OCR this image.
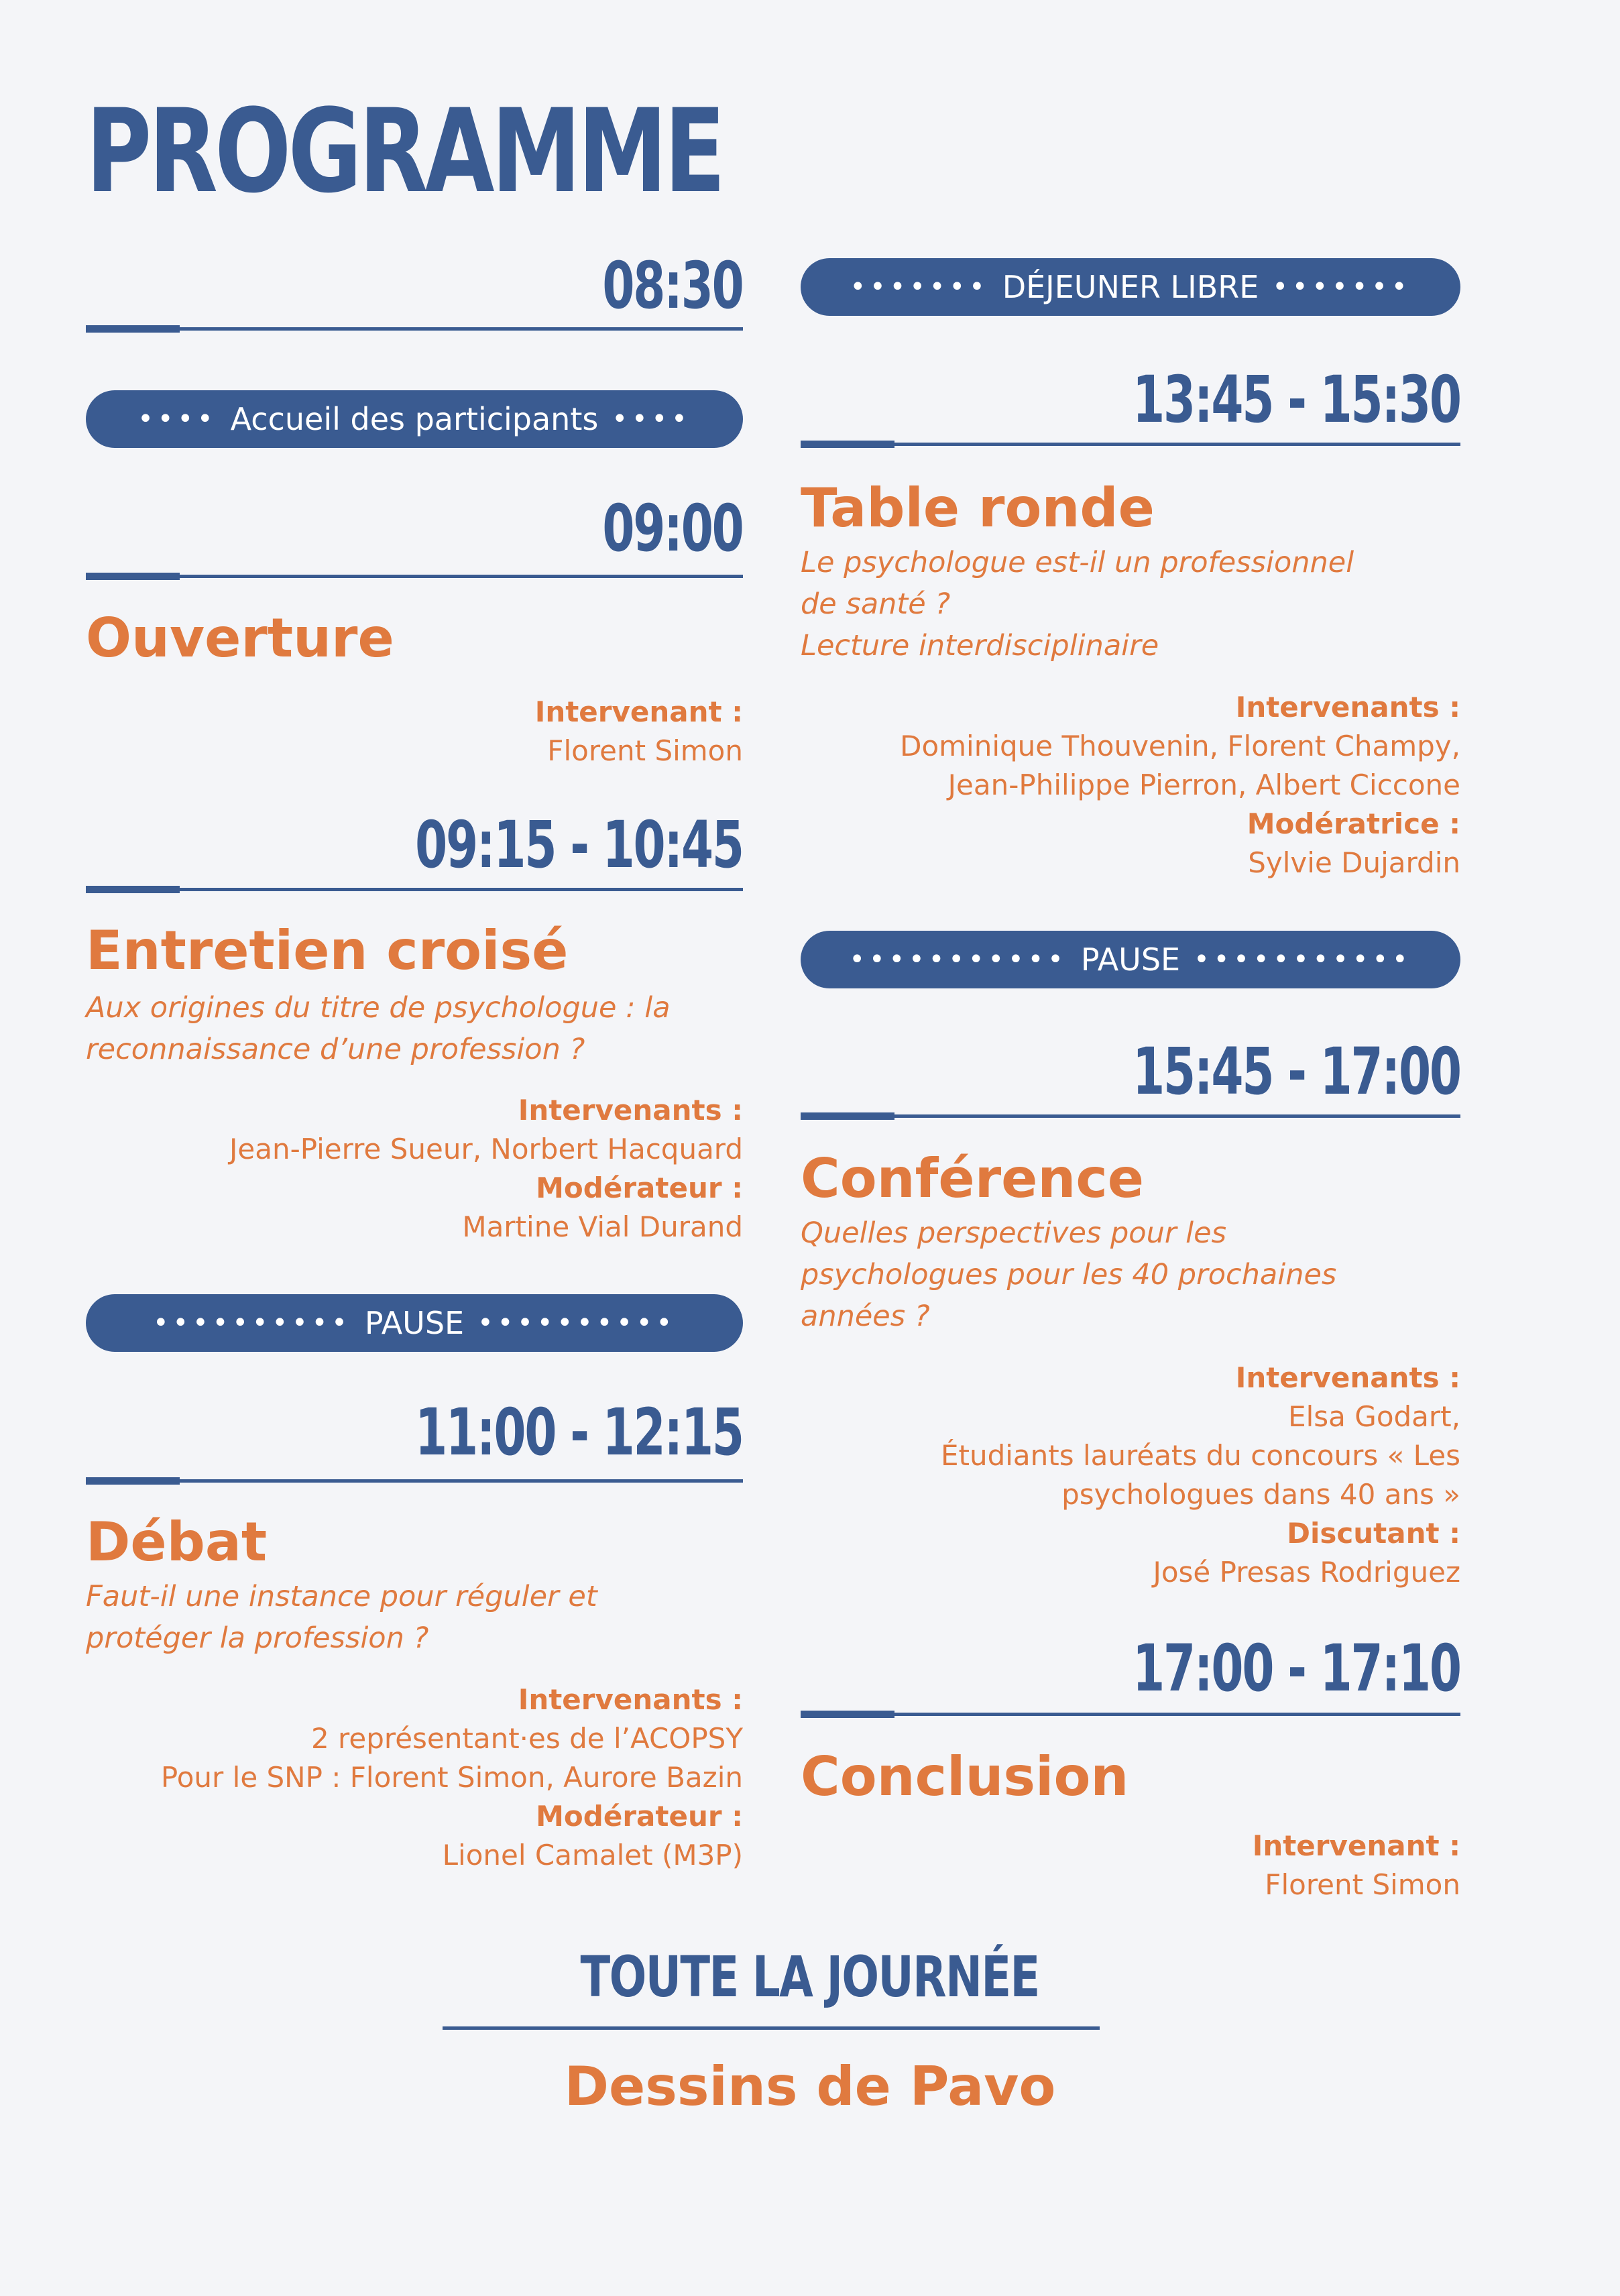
PROGRAMME
08:30
•••• Accueil des participants ••••
09:00
Ouverture
Intervenant :
Florent Simon
09:15 - 10:45
Entretien croisé
Aux origines du titre de psychologue : la
reconnaissance d’une profession ?
Intervenants :
Jean-Pierre Sueur, Norbert Hacquard
Modérateur :
Martine Vial Durand
•••••••••• PAUSE ••••••••••
11:00 - 12:15
Débat
Faut-il une instance pour réguler et
protéger la profession ?
Intervenants :
2 représentant·es de l’ACOPSY
Pour le SNP : Florent Simon, Aurore Bazin
Modérateur :
Lionel Camalet (M3P)
••••••• DÉJEUNER LIBRE •••••••
13:45 - 15:30
Table ronde
Le psychologue est-il un professionnel
de santé ?
Lecture interdisciplinaire
Intervenants :
Dominique Thouvenin, Florent Champy,
Jean-Philippe Pierron, Albert Ciccone
Modératrice :
Sylvie Dujardin
••••••••••• PAUSE •••••••••••
15:45 - 17:00
Conférence
Quelles perspectives pour les
psychologues pour les 40 prochaines
années ?
Intervenants :
Elsa Godart,
Étudiants lauréats du concours « Les
psychologues dans 40 ans »
Discutant :
José Presas Rodriguez
17:00 - 17:10
Conclusion
Intervenant :
Florent Simon
TOUTE LA JOURNÉE
Dessins de Pavo
